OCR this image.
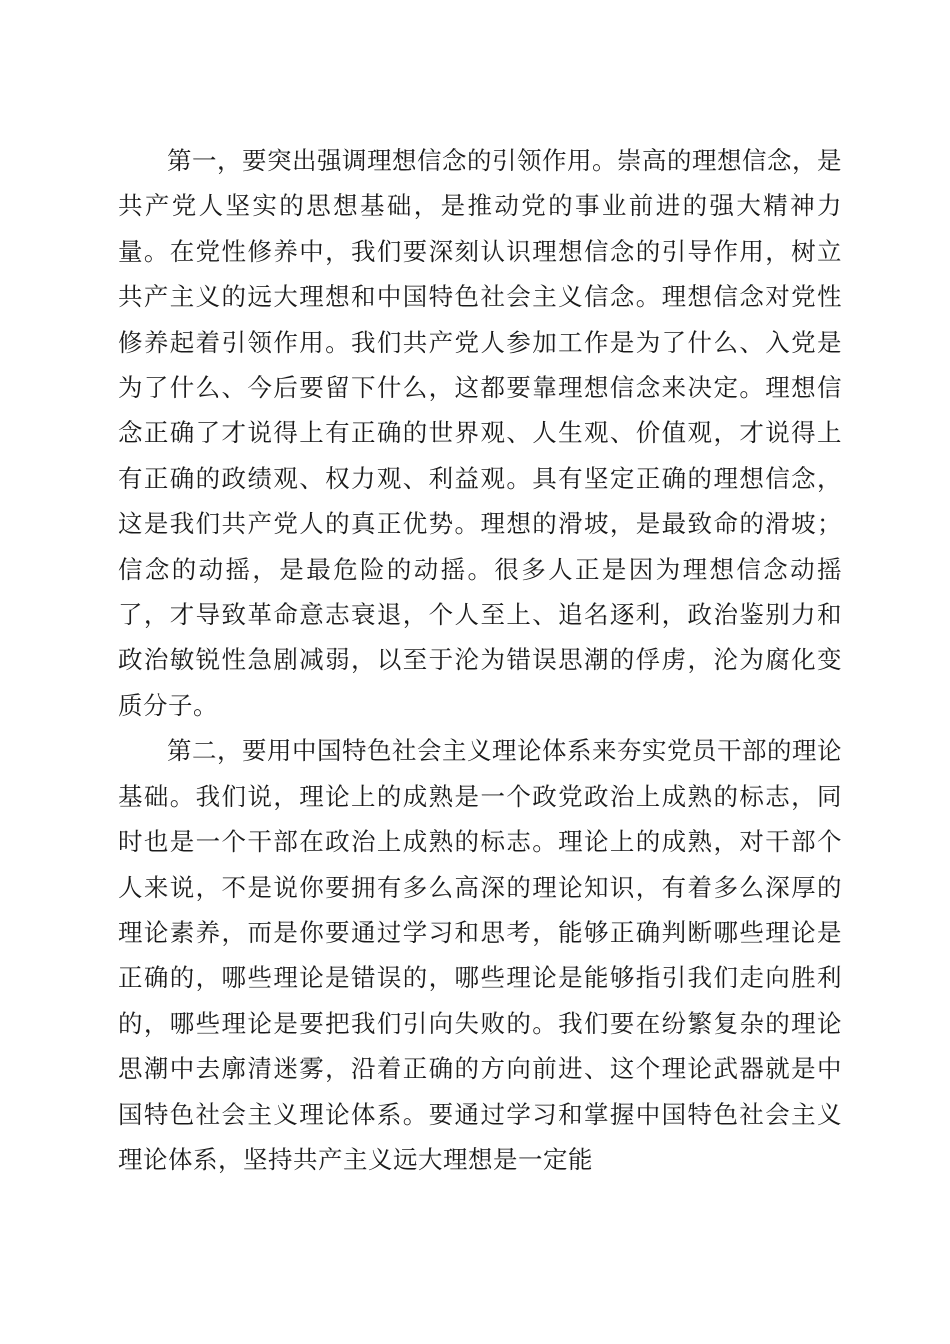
第一，要突出强调理想信念的引领作用。崇高的理想信念，是共产党人坚实的思想基础，是推动党的事业前进的强大精神力量。在党性修养中，我们要深刻认识理想信念的引导作用，树立共产主义的远大理想和中国特色社会主义信念。理想信念对党性修养起着引领作用。我们共产党人参加工作是为了什么、入党是为了什么、今后要留下什么，这都要靠理想信念来决定。理想信念正确了才说得上有正确的世界观、人生观、价值观，才说得上有正确的政绩观、权力观、利益观。具有坚定正确的理想信念，这是我们共产党人的真正优势。理想的滑坡，是最致命的滑坡；信念的动摇，是最危险的动摇。很多人正是因为理想信念动摇了，才导致革命意志衰退，个人至上、追名逐利，政治鉴别力和政治敏锐性急剧减弱，以至于沦为错误思潮的俘虏，沦为腐化变质分子。

第二，要用中国特色社会主义理论体系来夯实党员干部的理论基础。我们说，理论上的成熟是一个政党政治上成熟的标志，同时也是一个干部在政治上成熟的标志。理论上的成熟，对干部个人来说，不是说你要拥有多么高深的理论知识，有着多么深厚的理论素养，而是你要通过学习和思考，能够正确判断哪些理论是正确的，哪些理论是错误的，哪些理论是能够指引我们走向胜利的，哪些理论是要把我们引向失败的。我们要在纷繁复杂的理论思潮中去廓清迷雾，沿着正确的方向前进、这个理论武器就是中国特色社会主义理论体系。要通过学习和掌握中国特色社会主义理论体系，坚持共产主义远大理想是一定能
